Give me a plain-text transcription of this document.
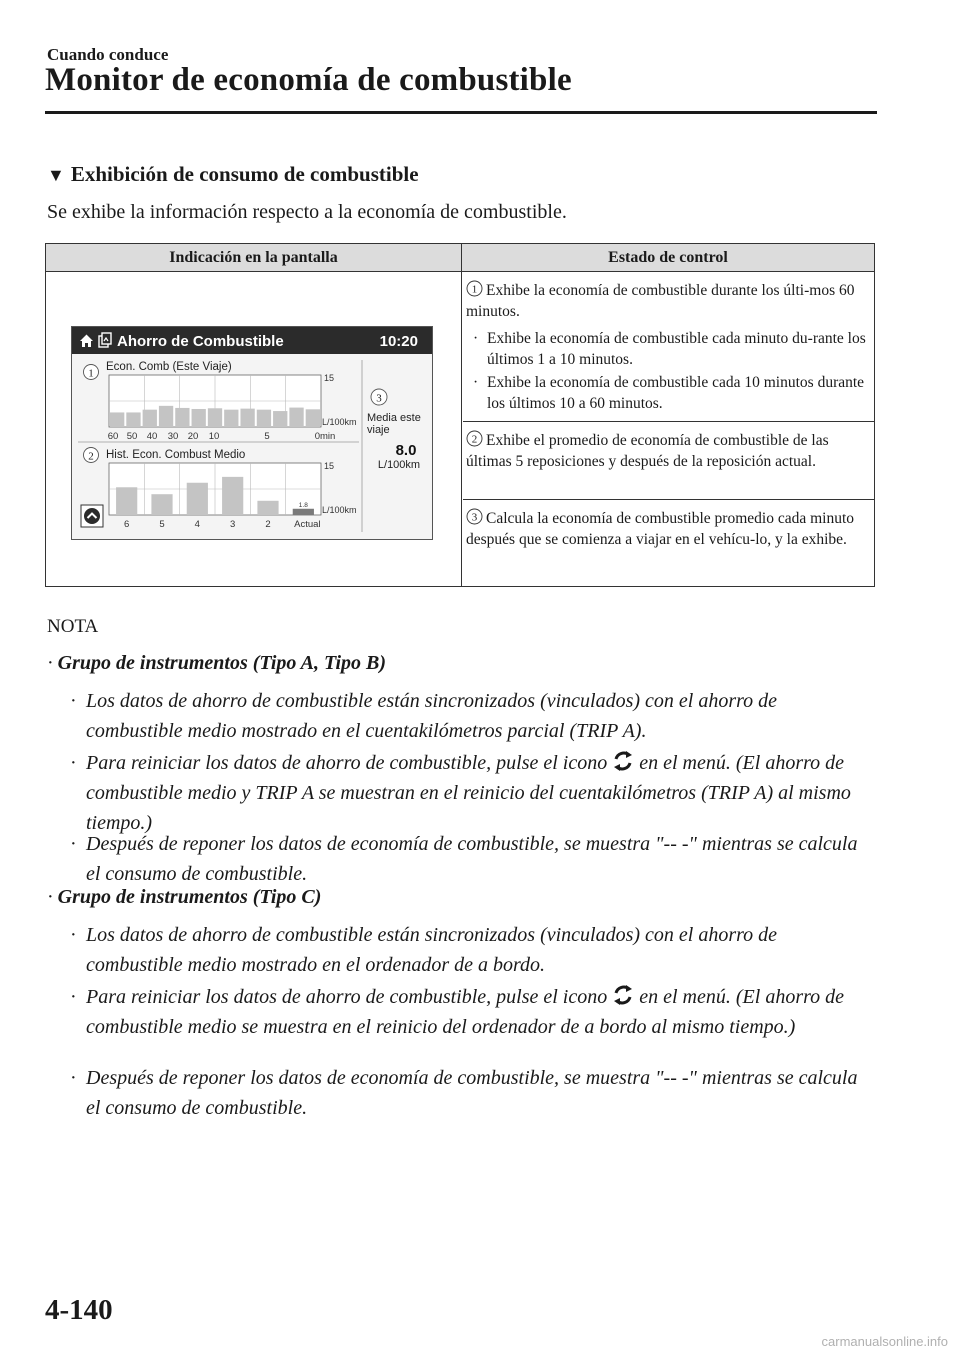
Cuando conduce
Monitor de economía de combustible
▼ Exhibición de consumo de combustible
Se exhibe la información respecto a la economía de combustible.
Indicación en la pantalla	Estado de control
Ahorro de Combustible	10:20
1
Econ. Comb (Este Viaje)
15
L/100km
60 50 40 30 20 10	5	0min
2 Hist. Econ. Combust Medio
1.8
15
L/100km
6	5	4	3	2 Actual
3
Media este
viaje
8.0
L/100km
1 Exhibe la economía de combustible durante los últi-mos 60 minutos.
· Exhibe la economía de combustible cada minuto du-rante los últimos 1 a 10 minutos.
· Exhibe la economía de combustible cada 10 minutos durante los últimos 10 a 60 minutos.
2 Exhibe el promedio de economía de combustible de las últimas 5 reposiciones y después de la reposición actual.
3 Calcula la economía de combustible promedio cada minuto después que se comienza a viajar en el vehícu-lo, y la exhibe.
NOTA
· Grupo de instrumentos (Tipo A, Tipo B)
· Los datos de ahorro de combustible están sincronizados (vinculados) con el ahorro de combustible medio mostrado en el cuentakilómetros parcial (TRIP A).
· Para reiniciar los datos de ahorro de combustible, pulse el icono en el menú. (El ahorro de combustible medio y TRIP A se muestran en el reinicio del cuentakilómetros (TRIP A) al mismo tiempo.)
· Después de reponer los datos de economía de combustible, se muestra "-- -" mientras se calcula el consumo de combustible.
· Grupo de instrumentos (Tipo C)
· Los datos de ahorro de combustible están sincronizados (vinculados) con el ahorro de combustible medio mostrado en el ordenador de a bordo.
· Para reiniciar los datos de ahorro de combustible, pulse el icono en el menú. (El ahorro de combustible medio se muestra en el reinicio del ordenador de a bordo al mismo tiempo.)
· Después de reponer los datos de economía de combustible, se muestra "-- -" mientras se calcula el consumo de combustible.
4-140
carmanualsonline.info
